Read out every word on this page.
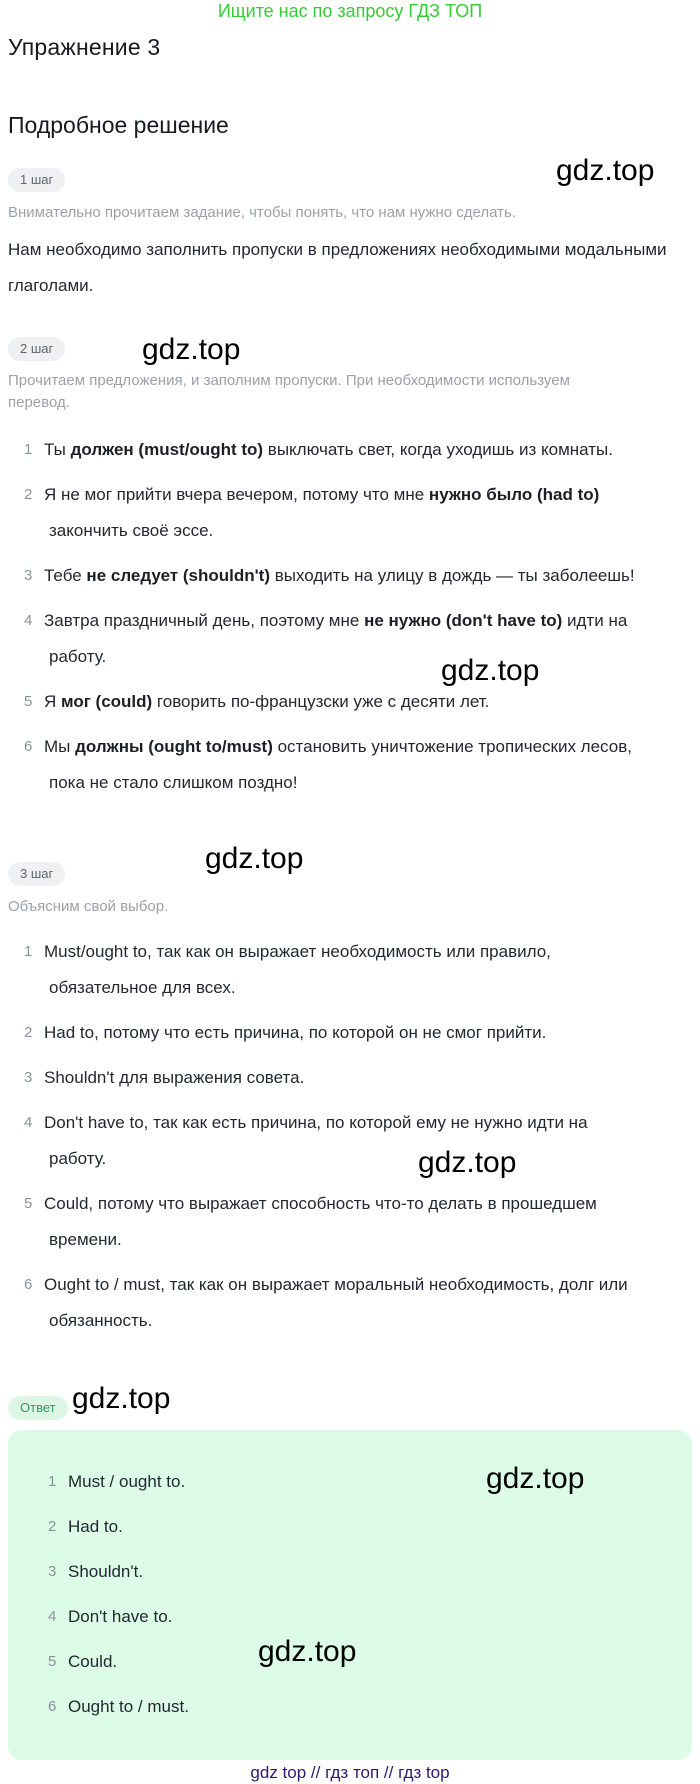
Ищите нас по запросу ГДЗ ТОП
Упражнение 3
Подробное решение
1 шаг
Внимательно прочитаем задание, чтобы понять, что нам нужно сделать.
Нам необходимо заполнить пропуски в предложениях необходимыми модальными глаголами.
2 шаг
Прочитаем предложения, и заполним пропуски. При необходимости используем перевод.
1 Ты должен (must/ought to) выключать свет, когда уходишь из комнаты.
2 Я не мог прийти вчера вечером, потому что мне нужно было (had to)
закончить своё эссе.
3 Тебе не следует (shouldn't) выходить на улицу в дождь — ты заболеешь!
4 Завтра праздничный день, поэтому мне не нужно (don't have to) идти на
работу.
5 Я мог (could) говорить по-французски уже с десяти лет.
6 Мы должны (ought to/must) остановить уничтожение тропических лесов,
пока не стало слишком поздно!
3 шаг
Объясним свой выбор.
1 Must/ought to, так как он выражает необходимость или правило,
обязательное для всех.
2 Had to, потому что есть причина, по которой он не смог прийти.
3 Shouldn't для выражения совета.
4 Don't have to, так как есть причина, по которой ему не нужно идти на
работу.
5 Could, потому что выражает способность что-то делать в прошедшем
времени.
6 Ought to / must, так как он выражает моральный необходимость, долг или
обязанность.
Ответ
1 Must / ought to.
2 Had to.
3 Shouldn't.
4 Don't have to.
5 Could.
6 Ought to / must.
gdz.top
gdz.top
gdz.top
gdz.top
gdz.top
gdz.top
gdz.top
gdz.top
gdz top // гдз топ // гдз top
